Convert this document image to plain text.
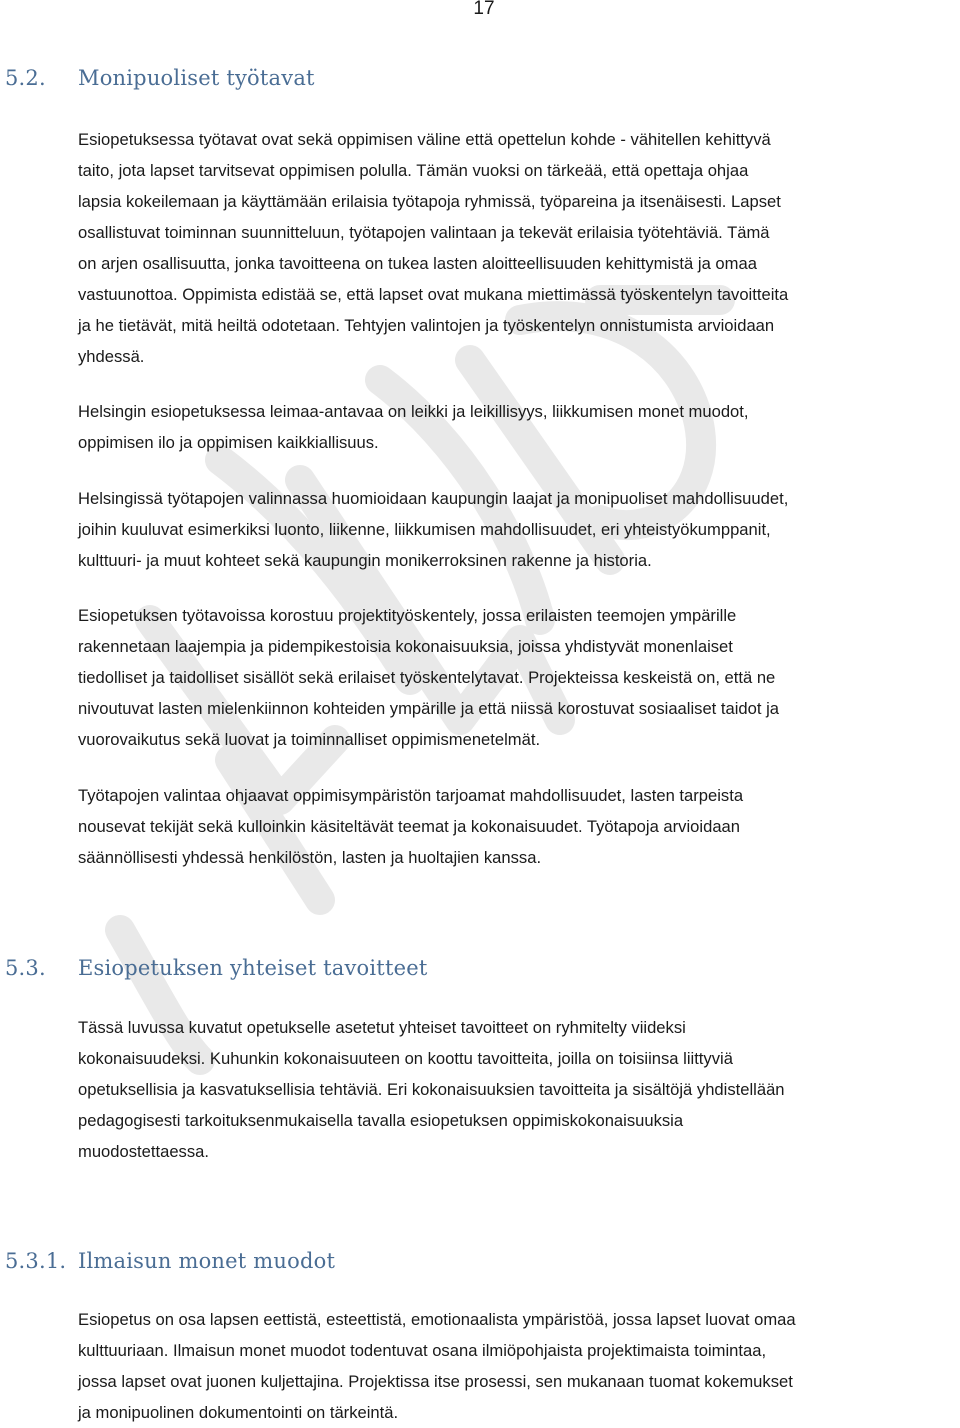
17
5.2. Monipuoliset työtavat
Esiopetuksessa työtavat ovat sekä oppimisen väline että opettelun kohde - vähitellen kehittyvä
taito, jota lapset tarvitsevat oppimisen polulla. Tämän vuoksi on tärkeää, että opettaja ohjaa
lapsia kokeilemaan ja käyttämään erilaisia työtapoja ryhmissä, työpareina ja itsenäisesti. Lapset
osallistuvat toiminnan suunnitteluun, työtapojen valintaan ja tekevät erilaisia työtehtäviä. Tämä
on arjen osallisuutta, jonka tavoitteena on tukea lasten aloitteellisuuden kehittymistä ja omaa
vastuunottoa. Oppimista edistää se, että lapset ovat mukana miettimässä työskentelyn tavoitteita
ja he tietävät, mitä heiltä odotetaan. Tehtyjen valintojen ja työskentelyn onnistumista arvioidaan
yhdessä.
Helsingin esiopetuksessa leimaa-antavaa on leikki ja leikillisyys, liikkumisen monet muodot,
oppimisen ilo ja oppimisen kaikkiallisuus.
Helsingissä työtapojen valinnassa huomioidaan kaupungin laajat ja monipuoliset mahdollisuudet,
joihin kuuluvat esimerkiksi luonto, liikenne, liikkumisen mahdollisuudet, eri yhteistyökumppanit,
kulttuuri- ja muut kohteet sekä kaupungin monikerroksinen rakenne ja historia.
Esiopetuksen työtavoissa korostuu projektityöskentely, jossa erilaisten teemojen ympärille
rakennetaan laajempia ja pidempikestoisia kokonaisuuksia, joissa yhdistyvät monenlaiset
tiedolliset ja taidolliset sisällöt sekä erilaiset työskentelytavat. Projekteissa keskeistä on, että ne
nivoutuvat lasten mielenkiinnon kohteiden ympärille ja että niissä korostuvat sosiaaliset taidot ja
vuorovaikutus sekä luovat ja toiminnalliset oppimismenetelmät.
Työtapojen valintaa ohjaavat oppimisympäristön tarjoamat mahdollisuudet, lasten tarpeista
nousevat tekijät sekä kulloinkin käsiteltävät teemat ja kokonaisuudet. Työtapoja arvioidaan
säännöllisesti yhdessä henkilöstön, lasten ja huoltajien kanssa.
5.3. Esiopetuksen yhteiset tavoitteet
Tässä luvussa kuvatut opetukselle asetetut yhteiset tavoitteet on ryhmitelty viideksi
kokonaisuudeksi. Kuhunkin kokonaisuuteen on koottu tavoitteita, joilla on toisiinsa liittyviä
opetuksellisia ja kasvatuksellisia tehtäviä. Eri kokonaisuuksien tavoitteita ja sisältöjä yhdistellään
pedagogisesti tarkoituksenmukaisella tavalla esiopetuksen oppimiskokonaisuuksia
muodostettaessa.
5.3.1. Ilmaisun monet muodot
Esiopetus on osa lapsen eettistä, esteettistä, emotionaalista ympäristöä, jossa lapset luovat omaa
kulttuuriaan. Ilmaisun monet muodot todentuvat osana ilmiöpohjaista projektimaista toimintaa,
jossa lapset ovat juonen kuljettajina. Projektissa itse prosessi, sen mukanaan tuomat kokemukset
ja monipuolinen dokumentointi on tärkeintä.
